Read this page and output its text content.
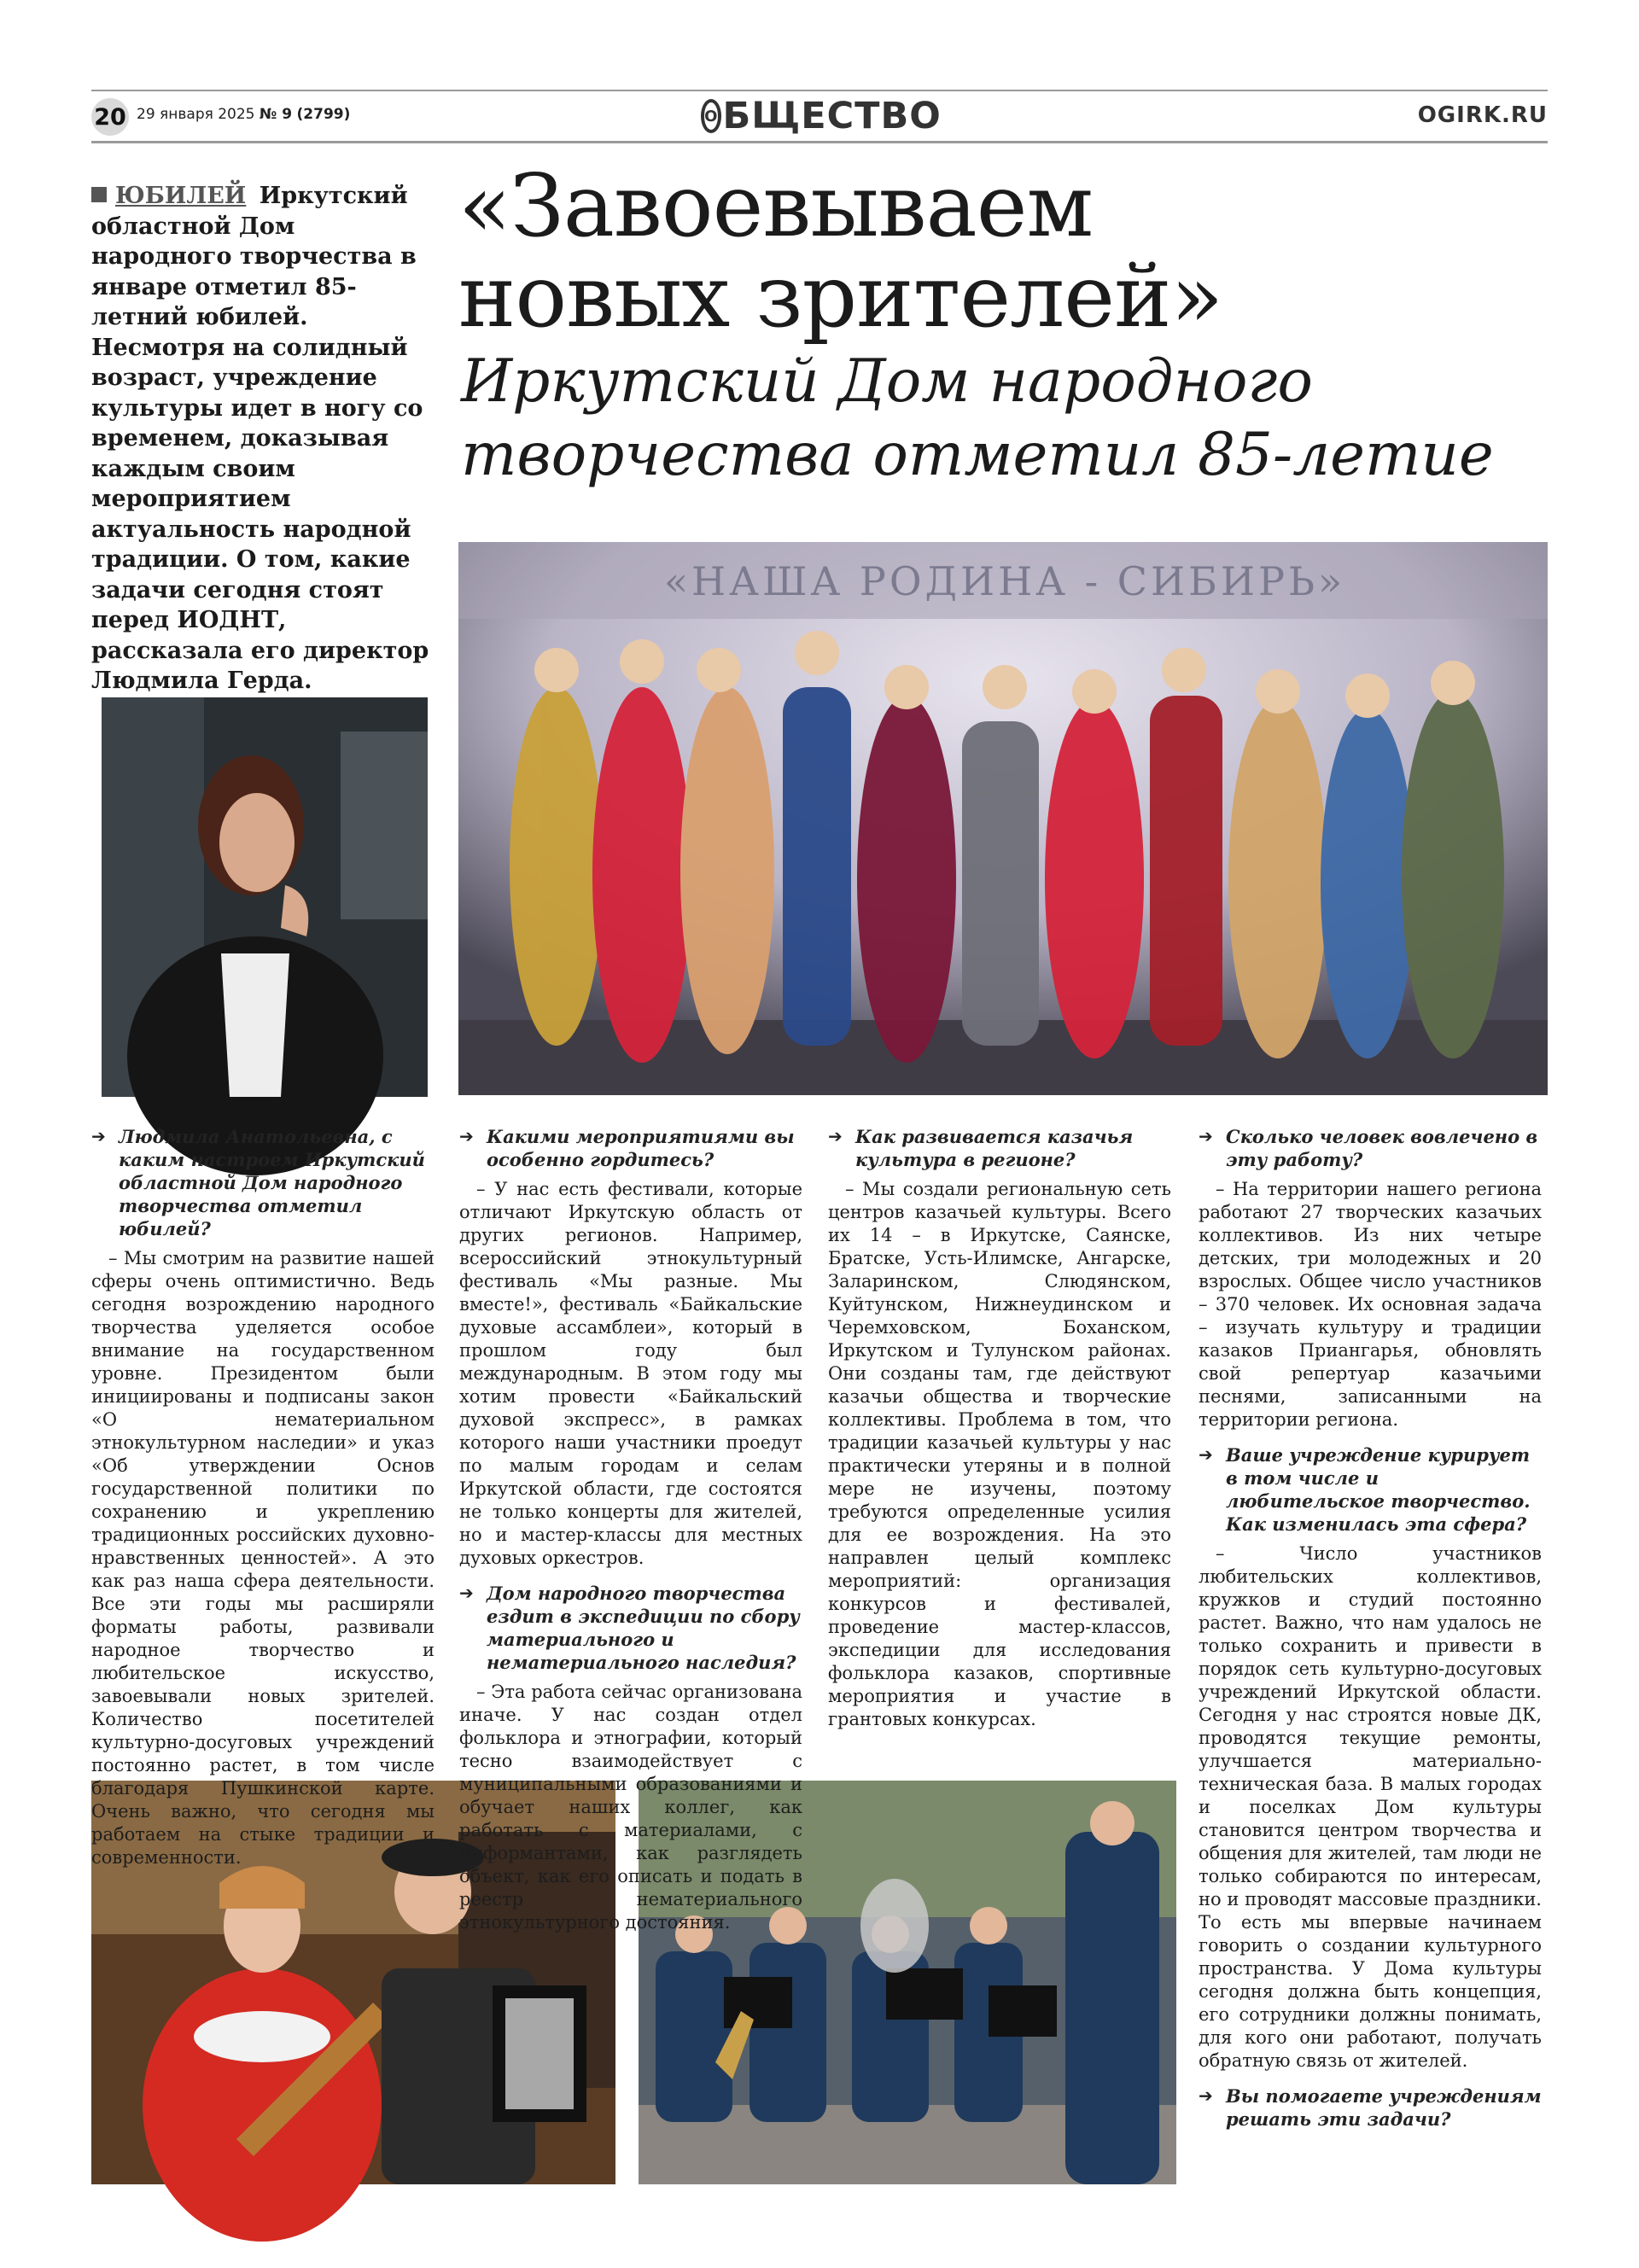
20 29 января 2025 № 9 (2799)	О БЩЕСТВО	OGIRK.RU
ЮБИЛЕЙ Иркутский областной Дом народного творчества в январе отметил 85-летний юбилей. Несмотря на солидный возраст, учреждение культуры идет в ногу со временем, доказывая каждым своим мероприятием актуальность народной традиции. О том, какие задачи сегодня стоят перед ИОДНТ, рассказала его директор Людмила Герда.
«Завоевываем
новых зрителей»
Иркутский Дом народного
творчества отметил 85-летие
«НАША РОДИНА - СИБИРЬ»

➔ Людмила Анатольевна, с каким настроем Иркутский областной Дом народного творчества отметил юбилей?

– Мы смотрим на развитие нашей сферы очень оптимистично. Ведь сегодня возрождению народного творчества уделяется особое внимание на государственном уровне. Президентом были инициированы и подписаны закон «О нематериальном этнокультурном наследии» и указ «Об утверждении Основ государственной политики по сохранению и укреплению традиционных российских духовно-нравственных ценностей». А это как раз наша сфера деятельности. Все эти годы мы расширяли форматы работы, развивали народное творчество и любительское искусство, завоевывали новых зрителей. Количество посетителей культурно-досуговых учреждений постоянно растет, в том числе благодаря Пушкинской карте. Очень важно, что сегодня мы работаем на стыке традиции и современности.

➔ Какими мероприятиями вы особенно гордитесь?

– У нас есть фестивали, которые отличают Иркутскую область от других регионов. Например, всероссийский этнокультурный фестиваль «Мы разные. Мы вместе!», фестиваль «Байкальские духовые ассамблеи», который в прошлом году был международным. В этом году мы хотим провести «Байкальский духовой экспресс», в рамках которого наши участники проедут по малым городам и селам Иркутской области, где состоятся не только концерты для жителей, но и мастер-классы для местных духовых оркестров.

➔ Дом народного творчества ездит в экспедиции по сбору материального и нематериального наследия?

– Эта работа сейчас организована иначе. У нас создан отдел фольклора и этнографии, который тесно взаимодействует с муниципальными образованиями и обучает наших коллег, как работать с материалами, с информантами, как разглядеть объект, как его описать и подать в реестр нематериального этнокультурного достояния.

➔ Как развивается казачья культура в регионе?

– Мы создали региональную сеть центров казачьей культуры. Всего их 14 – в Иркутске, Саянске, Братске, Усть-Илимске, Ангарске, Заларинском, Слюдянском, Куйтунском, Нижнеудинском и Черемховском, Боханском, Иркутском и Тулунском районах. Они созданы там, где действуют казачьи общества и творческие коллективы. Проблема в том, что традиции казачьей культуры у нас практически утеряны и в полной мере не изучены, поэтому требуются определенные усилия для ее возрождения. На это направлен целый комплекс мероприятий: организация конкурсов и фестивалей, проведение мастер-классов, экспедиции для исследования фольклора казаков, спортивные мероприятия и участие в грантовых конкурсах.

➔ Сколько человек вовлечено в эту работу?

– На территории нашего региона работают 27 творческих казачьих коллективов. Из них четыре детских, три молодежных и 20 взрослых. Общее число участников – 370 человек. Их основная задача – изучать культуру и традиции казаков Приангарья, обновлять свой репертуар казачьими песнями, записанными на территории региона.

➔ Ваше учреждение курирует в том числе и любительское творчество. Как изменилась эта сфера?

– Число участников любительских коллективов, кружков и студий постоянно растет. Важно, что нам удалось не только сохранить и привести в порядок сеть культурно-досуговых учреждений Иркутской области. Сегодня у нас строятся новые ДК, проводятся текущие ремонты, улучшается материально-техническая база. В малых городах и поселках Дом культуры становится центром творчества и общения для жителей, там люди не только собираются по интересам, но и проводят массовые праздники. То есть мы впервые начинаем говорить о создании культурного пространства. У Дома культуры сегодня должна быть концепция, его сотрудники должны понимать, для кого они работают, получать обратную связь от жителей.

➔ Вы помогаете учреждениям решать эти задачи?
